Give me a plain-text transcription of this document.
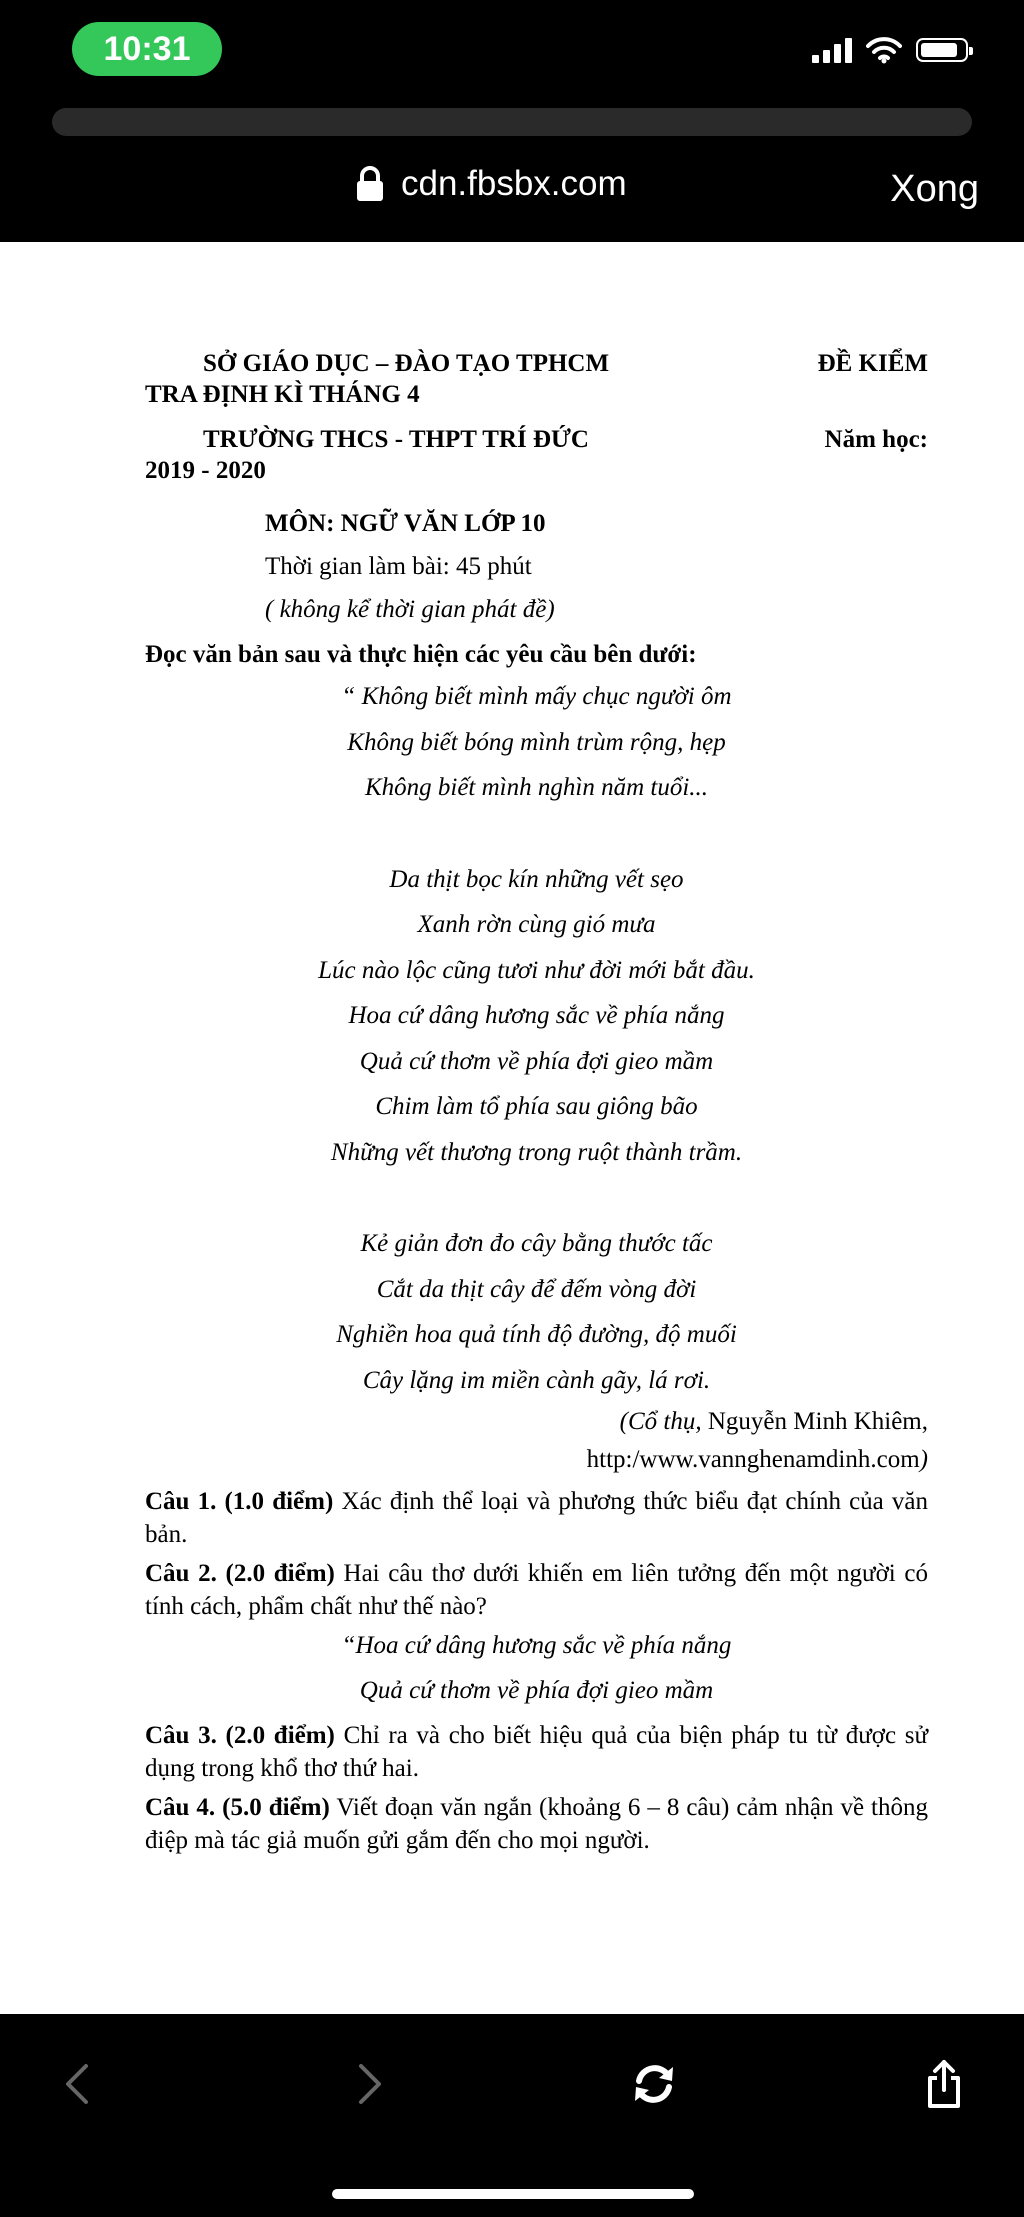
10:31
cdn.fbsbx.com	Xong
SỞ GIÁO DỤC – ĐÀO TẠO TPHCM	ĐỀ KIỂM
TRA ĐỊNH KÌ THÁNG 4
TRƯỜNG THCS - THPT TRÍ ĐỨC	Năm học:
2019 - 2020
MÔN: NGỮ VĂN LỚP 10
Thời gian làm bài: 45 phút
( không kể thời gian phát đề)
Đọc văn bản sau và thực hiện các yêu cầu bên dưới:
“ Không biết mình mấy chục người ôm
Không biết bóng mình trùm rộng, hẹp
Không biết mình nghìn năm tuổi...
Da thịt bọc kín những vết sẹo
Xanh rờn cùng gió mưa
Lúc nào lộc cũng tươi như đời mới bắt đầu.
Hoa cứ dâng hương sắc về phía nắng
Quả cứ thơm về phía đợi gieo mầm
Chim làm tổ phía sau giông bão
Những vết thương trong ruột thành trầm.
Kẻ giản đơn đo cây bằng thước tấc
Cắt da thịt cây để đếm vòng đời
Nghiền hoa quả tính độ đường, độ muối
Cây lặng im miền cành gãy, lá rơi.
(Cổ thụ, Nguyễn Minh Khiêm,
http:/www.vannghenamdinh.com)
Câu 1. (1.0 điểm) Xác định thể loại và phương thức biểu đạt chính của văn bản.
Câu 2. (2.0 điểm) Hai câu thơ dưới khiến em liên tưởng đến một người có tính cách, phẩm chất như thế nào?
“Hoa cứ dâng hương sắc về phía nắng
Quả cứ thơm về phía đợi gieo mầm
Câu 3. (2.0 điểm) Chỉ ra và cho biết hiệu quả của biện pháp tu từ được sử dụng trong khổ thơ thứ hai.
Câu 4. (5.0 điểm) Viết đoạn văn ngắn (khoảng 6 – 8 câu) cảm nhận về thông điệp mà tác giả muốn gửi gắm đến cho mọi người.
